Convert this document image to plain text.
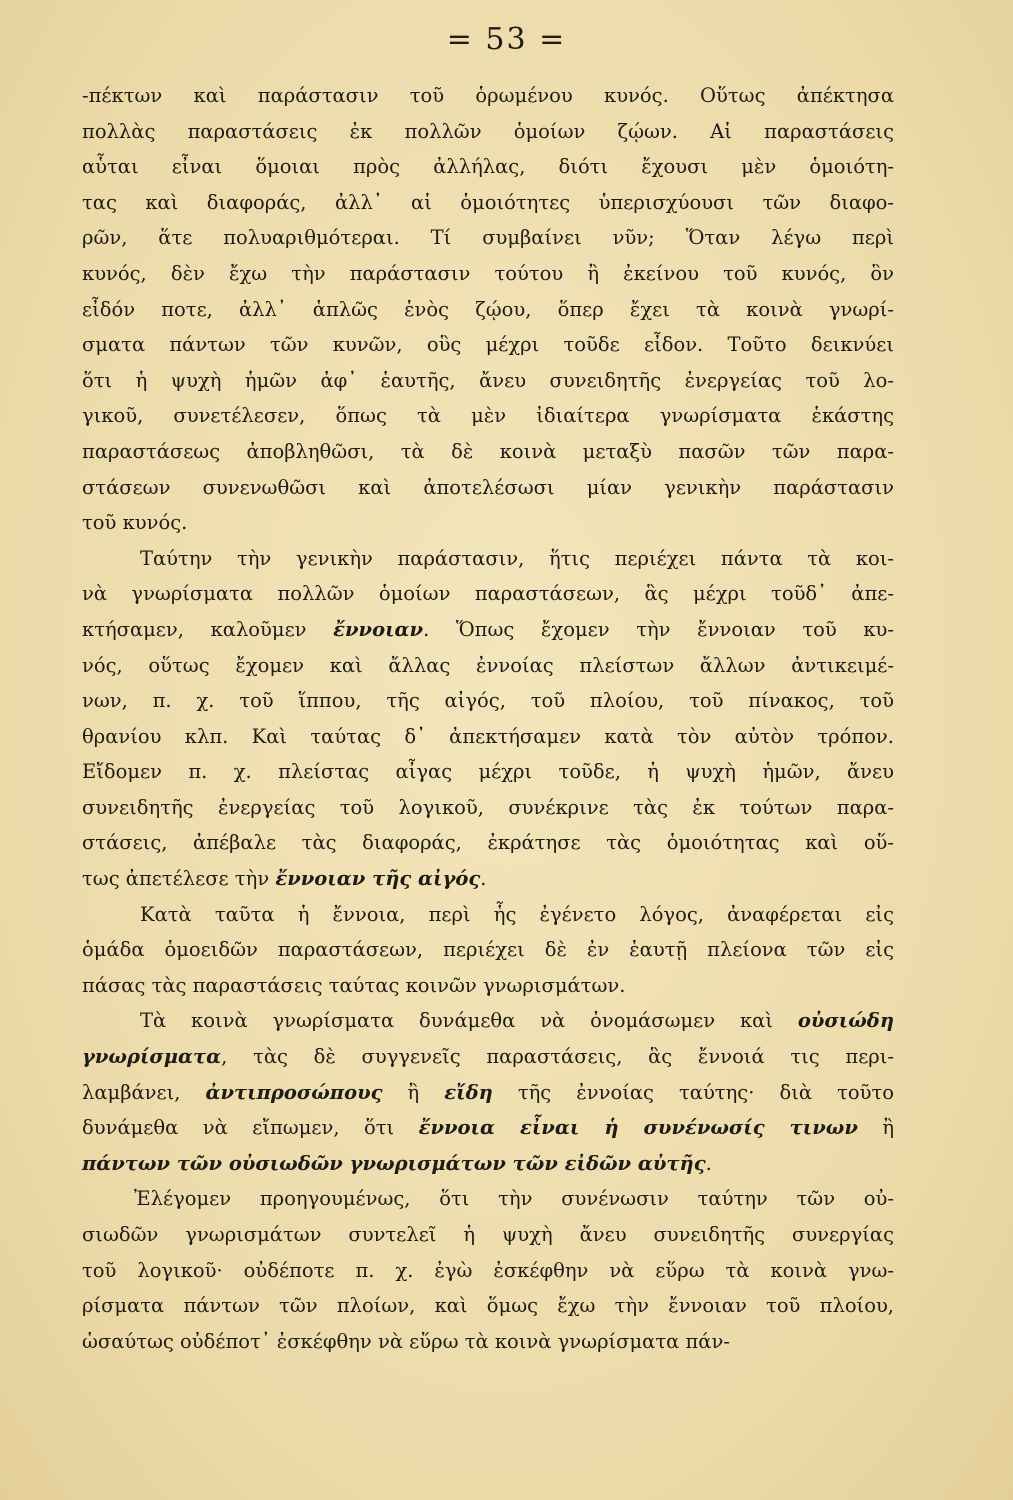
= 53 =
-πέκτων καὶ παράστασιν τοῦ ὁρωμένου κυνός. Οὕτως ἀπέκτησα
πολλὰς παραστάσεις ἐκ πολλῶν ὁμοίων ζῴων. Αἱ παραστάσεις
αὗται εἶναι ὅμοιαι πρὸς ἀλλήλας, διότι ἔχουσι μὲν ὁμοιότη-
τας καὶ διαφοράς, ἀλλ᾽ αἱ ὁμοιότητες ὑπερισχύουσι τῶν διαφο-
ρῶν, ἅτε πολυαριθμότεραι. Τί συμβαίνει νῦν; Ὅταν λέγω περὶ
κυνός, δὲν ἔχω τὴν παράστασιν τούτου ἢ ἐκείνου τοῦ κυνός, ὃν
εἶδόν ποτε, ἀλλ᾽ ἁπλῶς ἑνὸς ζῴου, ὅπερ ἔχει τὰ κοινὰ γνωρί-
σματα πάντων τῶν κυνῶν, οὓς μέχρι τοῦδε εἶδον. Τοῦτο δεικνύει
ὅτι ἡ ψυχὴ ἡμῶν ἀφ᾽ ἑαυτῆς, ἄνευ συνειδητῆς ἐνεργείας τοῦ λο-
γικοῦ, συνετέλεσεν, ὅπως τὰ μὲν ἰδιαίτερα γνωρίσματα ἑκάστης
παραστάσεως ἀποβληθῶσι, τὰ δὲ κοινὰ μεταξὺ πασῶν τῶν παρα-
στάσεων συνενωθῶσι καὶ ἀποτελέσωσι μίαν γενικὴν παράστασιν
τοῦ κυνός.
Ταύτην τὴν γενικὴν παράστασιν, ἥτις περιέχει πάντα τὰ κοι-
νὰ γνωρίσματα πολλῶν ὁμοίων παραστάσεων, ἃς μέχρι τοῦδ᾽ ἀπε-
κτήσαμεν, καλοῦμεν ἔννοιαν. Ὅπως ἔχομεν τὴν ἔννοιαν τοῦ κυ-
νός, οὕτως ἔχομεν καὶ ἄλλας ἐννοίας πλείστων ἄλλων ἀντικειμέ-
νων, π. χ. τοῦ ἵππου, τῆς αἰγός, τοῦ πλοίου, τοῦ πίνακος, τοῦ
θρανίου κλπ. Καὶ ταύτας δ᾽ ἀπεκτήσαμεν κατὰ τὸν αὐτὸν τρόπον.
Εἴδομεν π. χ. πλείστας αἶγας μέχρι τοῦδε, ἡ ψυχὴ ἡμῶν, ἄνευ
συνειδητῆς ἐνεργείας τοῦ λογικοῦ, συνέκρινε τὰς ἐκ τούτων παρα-
στάσεις, ἀπέβαλε τὰς διαφοράς, ἐκράτησε τὰς ὁμοιότητας καὶ οὕ-
τως ἀπετέλεσε τὴν ἔννοιαν τῆς αἰγός.
Κατὰ ταῦτα ἡ ἔννοια, περὶ ἧς ἐγένετο λόγος, ἀναφέρεται εἰς
ὁμάδα ὁμοειδῶν παραστάσεων, περιέχει δὲ ἐν ἑαυτῇ πλείονα τῶν εἰς
πάσας τὰς παραστάσεις ταύτας κοινῶν γνωρισμάτων.
Τὰ κοινὰ γνωρίσματα δυνάμεθα νὰ ὀνομάσωμεν καὶ οὐσιώδη
γνωρίσματα, τὰς δὲ συγγενεῖς παραστάσεις, ἃς ἔννοιά τις περι-
λαμβάνει, ἀντιπροσώπους ἢ εἴδη τῆς ἐννοίας ταύτης· διὰ τοῦτο
δυνάμεθα νὰ εἴπωμεν, ὅτι ἔννοια εἶναι ἡ συνένωσίς τινων ἢ
πάντων τῶν οὐσιωδῶν γνωρισμάτων τῶν εἰδῶν αὐτῆς.
Ἐλέγομεν προηγουμένως, ὅτι τὴν συνένωσιν ταύτην τῶν οὐ-
σιωδῶν γνωρισμάτων συντελεῖ ἡ ψυχὴ ἄνευ συνειδητῆς συνεργίας
τοῦ λογικοῦ· οὐδέποτε π. χ. ἐγὼ ἐσκέφθην νὰ εὕρω τὰ κοινὰ γνω-
ρίσματα πάντων τῶν πλοίων, καὶ ὅμως ἔχω τὴν ἔννοιαν τοῦ πλοίου,
ὡσαύτως οὐδέποτ᾽ ἐσκέφθην νὰ εὕρω τὰ κοινὰ γνωρίσματα πάν-
